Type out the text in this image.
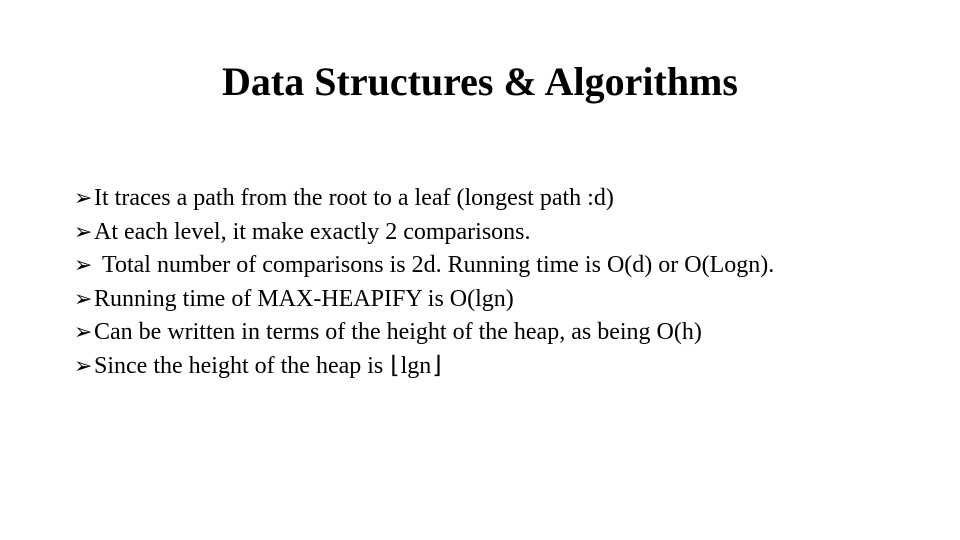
Data Structures & Algorithms
➢ It traces a path from the root to a leaf (longest path :d)
➢ At each level, it make exactly 2 comparisons.
➢ Total number of comparisons is 2d. Running time is O(d) or O(Logn).
➢ Running time of MAX-HEAPIFY is O(lgn)
➢ Can be written in terms of the height of the heap, as being O(h)
➢ Since the height of the heap is ⌊lgn⌋
